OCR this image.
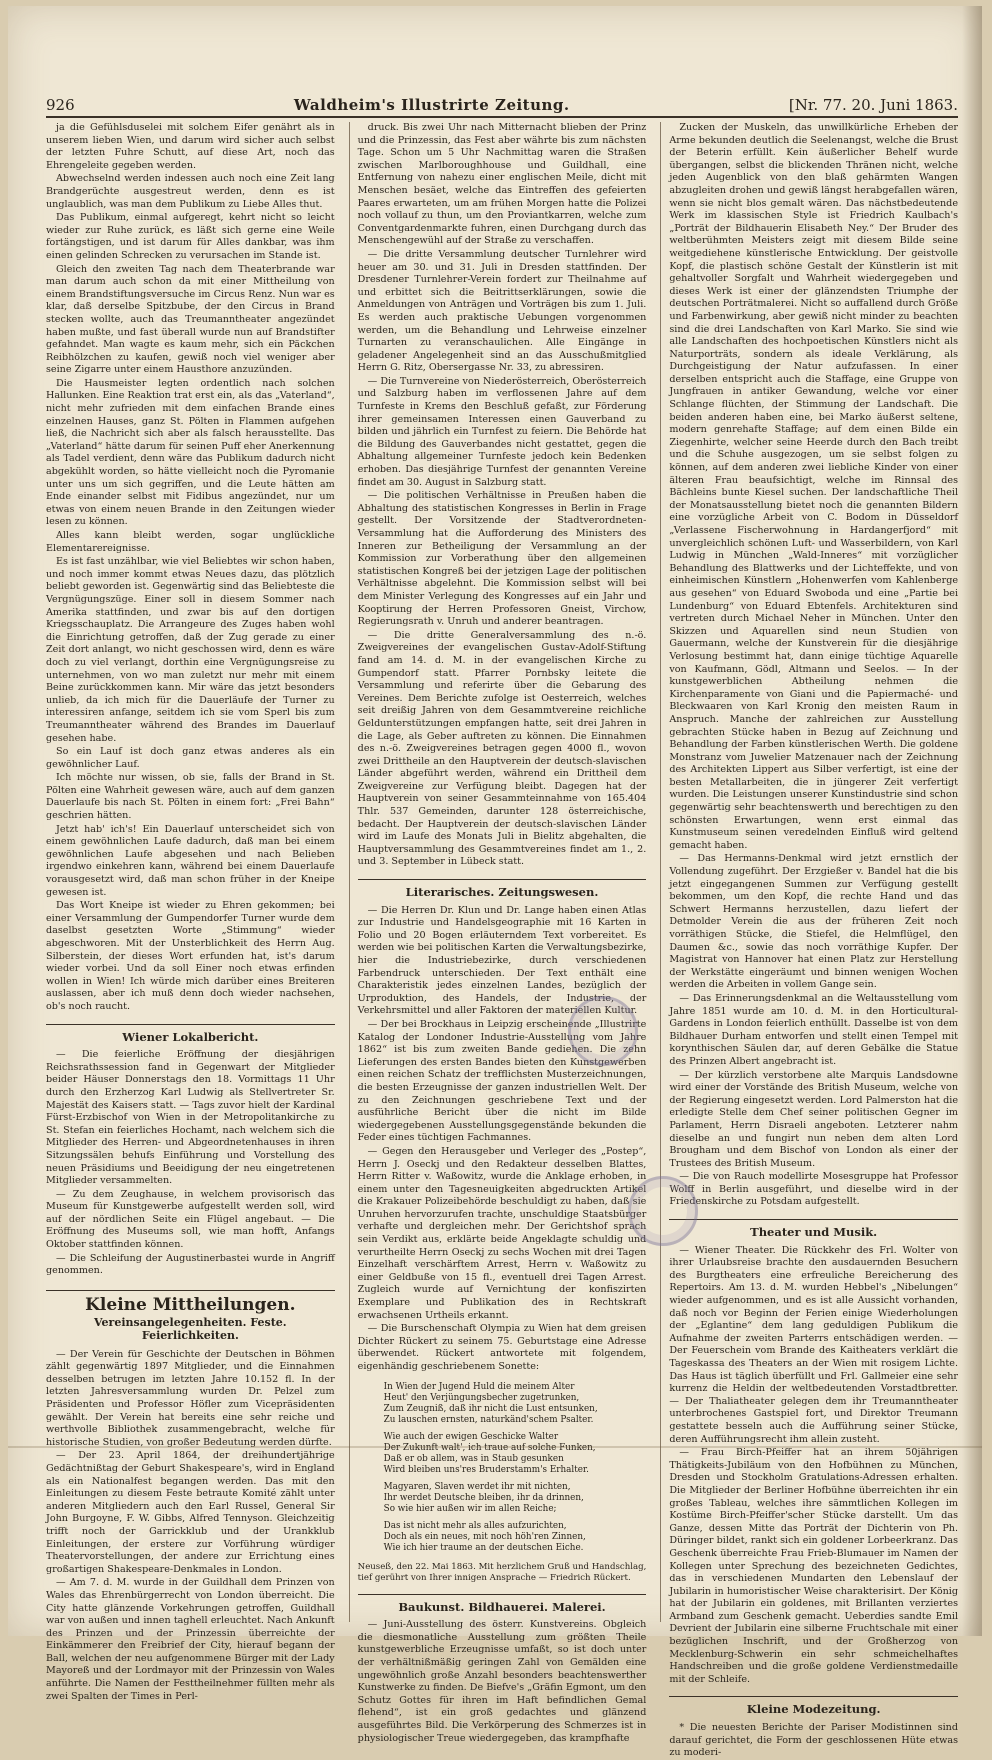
926	Waldheim's Illustrirte Zeitung.	[Nr. 77. 20. Juni 1863.

ja die Gefühlsduselei mit solchem Eifer genährt als in unserem lieben Wien, und darum wird sicher auch selbst der letzten Fuhre Schutt, auf diese Art, noch das Ehrengeleite gegeben werden.

Abwechselnd werden indessen auch noch eine Zeit lang Brandgerüchte ausgestreut werden, denn es ist unglaublich, was man dem Publikum zu Liebe Alles thut.

Das Publikum, einmal aufgeregt, kehrt nicht so leicht wieder zur Ruhe zurück, es läßt sich gerne eine Weile fortängstigen, und ist darum für Alles dankbar, was ihm einen gelinden Schrecken zu verursachen im Stande ist.

Gleich den zweiten Tag nach dem Theaterbrande war man darum auch schon da mit einer Mittheilung von einem Brandstiftungsversuche im Circus Renz. Nun war es klar, daß derselbe Spitzbube, der den Circus in Brand stecken wollte, auch das Treumanntheater angezündet haben mußte, und fast überall wurde nun auf Brandstifter gefahndet. Man wagte es kaum mehr, sich ein Päckchen Reibhölzchen zu kaufen, gewiß noch viel weniger aber seine Zigarre unter einem Hausthore anzuzünden.

Die Hausmeister legten ordentlich nach solchen Hallunken. Eine Reaktion trat erst ein, als das „Vaterland“, nicht mehr zufrieden mit dem einfachen Brande eines einzelnen Hauses, ganz St. Pölten in Flammen aufgehen ließ, die Nachricht sich aber als falsch herausstellte. Das „Vaterland“ hätte darum für seinen Puff eher Anerkennung als Tadel verdient, denn wäre das Publikum dadurch nicht abgekühlt worden, so hätte vielleicht noch die Pyromanie unter uns um sich gegriffen, und die Leute hätten am Ende einander selbst mit Fidibus angezündet, nur um etwas von einem neuen Brande in den Zeitungen wieder lesen zu können.

Alles kann bleibt werden, sogar unglückliche Elementarereignisse.

Es ist fast unzählbar, wie viel Beliebtes wir schon haben, und noch immer kommt etwas Neues dazu, das plötzlich beliebt geworden ist. Gegenwärtig sind das Beliebteste die Vergnügungszüge. Einer soll in diesem Sommer nach Amerika stattfinden, und zwar bis auf den dortigen Kriegsschauplatz. Die Arrangeure des Zuges haben wohl die Einrichtung getroffen, daß der Zug gerade zu einer Zeit dort anlangt, wo nicht geschossen wird, denn es wäre doch zu viel verlangt, dorthin eine Vergnügungsreise zu unternehmen, von wo man zuletzt nur mehr mit einem Beine zurückkommen kann. Mir wäre das jetzt besonders unlieb, da ich mich für die Dauerläufe der Turner zu interessiren anfange, seitdem ich sie vom Sperl bis zum Treumanntheater während des Brandes im Dauerlauf gesehen habe.

So ein Lauf ist doch ganz etwas anderes als ein gewöhnlicher Lauf.

Ich möchte nur wissen, ob sie, falls der Brand in St. Pölten eine Wahrheit gewesen wäre, auch auf dem ganzen Dauerlaufe bis nach St. Pölten in einem fort: „Frei Bahn“ geschrien hätten.

Jetzt hab' ich's! Ein Dauerlauf unterscheidet sich von einem gewöhnlichen Laufe dadurch, daß man bei einem gewöhnlichen Laufe abgesehen und nach Belieben irgendwo einkehren kann, während bei einem Dauerlaufe vorausgesetzt wird, daß man schon früher in der Kneipe gewesen ist.

Das Wort Kneipe ist wieder zu Ehren gekommen; bei einer Versammlung der Gumpendorfer Turner wurde dem daselbst gesetzten Worte „Stimmung“ wieder abgeschworen. Mit der Unsterblichkeit des Herrn Aug. Silberstein, der dieses Wort erfunden hat, ist's darum wieder vorbei. Und da soll Einer noch etwas erfinden wollen in Wien! Ich würde mich darüber eines Breiteren auslassen, aber ich muß denn doch wieder nachsehen, ob's noch raucht.

Wiener Lokalbericht.

— Die feierliche Eröffnung der diesjährigen Reichsrathssession fand in Gegenwart der Mitglieder beider Häuser Donnerstags den 18. Vormittags 11 Uhr durch den Erzherzog Karl Ludwig als Stellvertreter Sr. Majestät des Kaisers statt. — Tags zuvor hielt der Kardinal Fürst-Erzbischof von Wien in der Metropolitankirche zu St. Stefan ein feierliches Hochamt, nach welchem sich die Mitglieder des Herren- und Abgeordnetenhauses in ihren Sitzungssälen behufs Einführung und Vorstellung des neuen Präsidiums und Beeidigung der neu eingetretenen Mitglieder versammelten.

— Zu dem Zeughause, in welchem provisorisch das Museum für Kunstgewerbe aufgestellt werden soll, wird auf der nördlichen Seite ein Flügel angebaut. — Die Eröffnung des Museums soll, wie man hofft, Anfangs Oktober stattfinden können.

— Die Schleifung der Augustinerbastei wurde in Angriff genommen.

Kleine Mittheilungen.
Vereinsangelegenheiten. Feste. Feierlichkeiten.

— Der Verein für Geschichte der Deutschen in Böhmen zählt gegenwärtig 1897 Mitglieder, und die Einnahmen desselben betrugen im letzten Jahre 10.152 fl. In der letzten Jahresversammlung wurden Dr. Pelzel zum Präsidenten und Professor Höfler zum Vicepräsidenten gewählt. Der Verein hat bereits eine sehr reiche und werthvolle Bibliothek zusammengebracht, welche für historische Studien, von großer Bedeutung werden dürfte.

— Der 23. April 1864, der dreihundertjährige Gedächtnißtag der Geburt Shakespeare's, wird in England als ein Nationalfest begangen werden. Das mit den Einleitungen zu diesem Feste betraute Komité zählt unter anderen Mitgliedern auch den Earl Russel, General Sir John Burgoyne, F. W. Gibbs, Alfred Tennyson. Gleichzeitig trifft noch der Garrickklub und der Urankklub Einleitungen, der erstere zur Vorführung würdiger Theatervorstellungen, der andere zur Errichtung eines großartigen Shakespeare-Denkmales in London.

— Am 7. d. M. wurde in der Guildhall dem Prinzen von Wales das Ehrenbürgerrecht von London überreicht. Die City hatte glänzende Vorkehrungen getroffen, Guildhall war von außen und innen taghell erleuchtet. Nach Ankunft des Prinzen und der Prinzessin überreichte der Einkämmerer den Freibrief der City, hierauf begann der Ball, welchen der neu aufgenommene Bürger mit der Lady Mayoreß und der Lordmayor mit der Prinzessin von Wales anführte. Die Namen der Festtheilnehmer füllten mehr als zwei Spalten der Times in Perl-

druck. Bis zwei Uhr nach Mitternacht blieben der Prinz und die Prinzessin, das Fest aber währte bis zum nächsten Tage. Schon um 5 Uhr Nachmittag waren die Straßen zwischen Marlboroughhouse und Guildhall, eine Entfernung von nahezu einer englischen Meile, dicht mit Menschen besäet, welche das Eintreffen des gefeierten Paares erwarteten, um am frühen Morgen hatte die Polizei noch vollauf zu thun, um den Proviantkarren, welche zum Conventgardenmarkte fuhren, einen Durchgang durch das Menschengewühl auf der Straße zu verschaffen.

— Die dritte Versammlung deutscher Turnlehrer wird heuer am 30. und 31. Juli in Dresden stattfinden. Der Dresdener Turnlehrer-Verein fordert zur Theilnahme auf und erbittet sich die Beitrittserklärungen, sowie die Anmeldungen von Anträgen und Vorträgen bis zum 1. Juli. Es werden auch praktische Uebungen vorgenommen werden, um die Behandlung und Lehrweise einzelner Turnarten zu veranschaulichen. Alle Eingänge in geladener Angelegenheit sind an das Ausschußmitglied Herrn G. Ritz, Obersergasse Nr. 33, zu abressiren.

— Die Turnvereine von Niederösterreich, Oberösterreich und Salzburg haben im verflossenen Jahre auf dem Turnfeste in Krems den Beschluß gefaßt, zur Förderung ihrer gemeinsamen Interessen einen Gauverband zu bilden und jährlich ein Turnfest zu feiern. Die Behörde hat die Bildung des Gauverbandes nicht gestattet, gegen die Abhaltung allgemeiner Turnfeste jedoch kein Bedenken erhoben. Das diesjährige Turnfest der genannten Vereine findet am 30. August in Salzburg statt.

— Die politischen Verhältnisse in Preußen haben die Abhaltung des statistischen Kongresses in Berlin in Frage gestellt. Der Vorsitzende der Stadtverordneten-Versammlung hat die Aufforderung des Ministers des Inneren zur Betheiligung der Versammlung an der Kommission zur Vorberathung über den allgemeinen statistischen Kongreß bei der jetzigen Lage der politischen Verhältnisse abgelehnt. Die Kommission selbst will bei dem Minister Verlegung des Kongresses auf ein Jahr und Kooptirung der Herren Professoren Gneist, Virchow, Regierungsrath v. Unruh und anderer beantragen.

— Die dritte Generalversammlung des n.-ö. Zweigvereines der evangelischen Gustav-Adolf-Stiftung fand am 14. d. M. in der evangelischen Kirche zu Gumpendorf statt. Pfarrer Pornbsky leitete die Versammlung und referirte über die Gebarung des Vereines. Dem Berichte zufolge ist Oesterreich, welches seit dreißig Jahren von dem Gesammtvereine reichliche Geldunterstützungen empfangen hatte, seit drei Jahren in die Lage, als Geber auftreten zu können. Die Einnahmen des n.-ö. Zweigvereines betragen gegen 4000 fl., wovon zwei Drittheile an den Hauptverein der deutsch-slavischen Länder abgeführt werden, während ein Drittheil dem Zweigvereine zur Verfügung bleibt. Dagegen hat der Hauptverein von seiner Gesammteinnahme von 165.404 Thlr. 537 Gemeinden, darunter 128 österreichische, bedacht. Der Hauptverein der deutsch-slavischen Länder wird im Laufe des Monats Juli in Bielitz abgehalten, die Hauptversammlung des Gesammtvereines findet am 1., 2. und 3. September in Lübeck statt.

Literarisches. Zeitungswesen.

— Die Herren Dr. Klun und Dr. Lange haben einen Atlas zur Industrie und Handelsgeographie mit 16 Karten in Folio und 20 Bogen erläuterndem Text vorbereitet. Es werden wie bei politischen Karten die Verwaltungsbezirke, hier die Industriebezirke, durch verschiedenen Farbendruck unterschieden. Der Text enthält eine Charakteristik jedes einzelnen Landes, bezüglich der Urproduktion, des Handels, der Industrie, der Verkehrsmittel und aller Faktoren der materiellen Kultur.

— Der bei Brockhaus in Leipzig erscheinende „Illustrirte Katalog der Londoner Industrie-Ausstellung vom Jahre 1862“ ist bis zum zweiten Bande gediehen. Die zehn Lieferungen des ersten Bandes bieten den Kunstgewerben einen reichen Schatz der trefflichsten Musterzeichnungen, die besten Erzeugnisse der ganzen industriellen Welt. Der zu den Zeichnungen geschriebene Text und der ausführliche Bericht über die nicht im Bilde wiedergegebenen Ausstellungsgegenstände bekunden die Feder eines tüchtigen Fachmannes.

— Gegen den Herausgeber und Verleger des „Postep“, Herrn J. Oseckj und den Redakteur desselben Blattes, Herrn Ritter v. Waßowitz, wurde die Anklage erhoben, in einem unter den Tagesneuigkeiten abgedruckten Artikel die Krakauer Polizeibehörde beschuldigt zu haben, daß sie Unruhen hervorzurufen trachte, unschuldige Staatsbürger verhafte und dergleichen mehr. Der Gerichtshof sprach sein Verdikt aus, erklärte beide Angeklagte schuldig und verurtheilte Herrn Oseckj zu sechs Wochen mit drei Tagen Einzelhaft verschärftem Arrest, Herrn v. Waßowitz zu einer Geldbuße von 15 fl., eventuell drei Tagen Arrest. Zugleich wurde auf Vernichtung der konfiszirten Exemplare und Publikation des in Rechtskraft erwachsenen Urtheils erkannt.

— Die Burschenschaft Olympia zu Wien hat dem greisen Dichter Rückert zu seinem 75. Geburtstage eine Adresse überwendet. Rückert antwortete mit folgendem, eigenhändig geschriebenem Sonette:

In Wien der Jugend Huld die meinem Alter
Heut' den Verjüngungsbecher zugetrunken,
Zum Zeugniß, daß ihr nicht die Lust entsunken,
Zu lauschen ernsten, naturkänd'schem Psalter.
Wie auch der ewigen Geschicke Walter
Der Zukunft walt', ich traue auf solche Funken,
Daß er ob allem, was in Staub gesunken
Wird bleiben uns'res Bruderstamm's Erhalter.
Magyaren, Slaven werdet ihr mit nichten,
Ihr werdet Deutsche bleiben, ihr da drinnen,
So wie hier außen wir im allen Reiche;
Das ist nicht mehr als alles aufzurichten,
Doch als ein neues, mit noch höh'ren Zinnen,
Wie ich hier traume an der deutschen Eiche.
Neuseß, den 22. Mai 1863. Mit herzlichem Gruß und Handschlag, tief gerührt von Ihrer innigen Ansprache — Friedrich Rückert.
Baukunst. Bildhauerei. Malerei.

— Juni-Ausstellung des österr. Kunstvereins. Obgleich die diesmonatliche Ausstellung zum größten Theile kunstgewerbliche Erzeugnisse umfaßt, so ist doch unter der verhältnißmäßig geringen Zahl von Gemälden eine ungewöhnlich große Anzahl besonders beachtenswerther Kunstwerke zu finden. De Biefve's „Gräfin Egmont, um den Schutz Gottes für ihren im Haft befindlichen Gemal flehend“, ist ein groß gedachtes und glänzend ausgeführtes Bild. Die Verkörperung des Schmerzes ist in physiologischer Treue wiedergegeben, das krampfhafte

Zucken der Muskeln, das unwillkürliche Erheben der Arme bekunden deutlich die Seelenangst, welche die Brust der Beterin erfüllt. Kein äußerlicher Behelf wurde übergangen, selbst die blickenden Thränen nicht, welche jeden Augenblick von den blaß gehärmten Wangen abzugleiten drohen und gewiß längst herabgefallen wären, wenn sie nicht blos gemalt wären. Das nächstbedeutende Werk im klassischen Style ist Friedrich Kaulbach's „Porträt der Bildhauerin Elisabeth Ney.“ Der Bruder des weltberühmten Meisters zeigt mit diesem Bilde seine weitgediehene künstlerische Entwicklung. Der geistvolle Kopf, die plastisch schöne Gestalt der Künstlerin ist mit gehaltvoller Sorgfalt und Wahrheit wiedergegeben und dieses Werk ist einer der glänzendsten Triumphe der deutschen Porträtmalerei. Nicht so auffallend durch Größe und Farbenwirkung, aber gewiß nicht minder zu beachten sind die drei Landschaften von Karl Marko. Sie sind wie alle Landschaften des hochpoetischen Künstlers nicht als Naturporträts, sondern als ideale Verklärung, als Durchgeistigung der Natur aufzufassen. In einer derselben entspricht auch die Staffage, eine Gruppe von Jungfrauen in antiker Gewandung, welche vor einer Schlange flüchten, der Stimmung der Landschaft. Die beiden anderen haben eine, bei Marko äußerst seltene, modern genrehafte Staffage; auf dem einen Bilde ein Ziegenhirte, welcher seine Heerde durch den Bach treibt und die Schuhe ausgezogen, um sie selbst folgen zu können, auf dem anderen zwei liebliche Kinder von einer älteren Frau beaufsichtigt, welche im Rinnsal des Bächleins bunte Kiesel suchen. Der landschaftliche Theil der Monatsausstellung bietet noch die genannten Bildern eine vorzügliche Arbeit von C. Bodom in Düsseldorf „Verlassene Fischerwohnung in Hardangerfjord“ mit unvergleichlich schönen Luft- und Wasserbildern, von Karl Ludwig in München „Wald-Inneres“ mit vorzüglicher Behandlung des Blattwerks und der Lichteffekte, und von einheimischen Künstlern „Hohenwerfen vom Kahlenberge aus gesehen“ von Eduard Swoboda und eine „Partie bei Lundenburg“ von Eduard Ebtenfels. Architekturen sind vertreten durch Michael Neher in München. Unter den Skizzen und Aquarellen sind neun Studien von Gauermann, welche der Kunstverein für die diesjährige Verlosung bestimmt hat, dann einige tüchtige Aquarelle von Kaufmann, Gödl, Altmann und Seelos. — In der kunstgewerblichen Abtheilung nehmen die Kirchenparamente von Giani und die Papiermaché- und Bleckwaaren von Karl Kronig den meisten Raum in Anspruch. Manche der zahlreichen zur Ausstellung gebrachten Stücke haben in Bezug auf Zeichnung und Behandlung der Farben künstlerischen Werth. Die goldene Monstranz vom Juwelier Matzenauer nach der Zeichnung des Architekten Lippert aus Silber verfertigt, ist eine der besten Metallarbeiten, die in jüngerer Zeit verfertigt wurden. Die Leistungen unserer Kunstindustrie sind schon gegenwärtig sehr beachtenswerth und berechtigen zu den schönsten Erwartungen, wenn erst einmal das Kunstmuseum seinen veredelnden Einfluß wird geltend gemacht haben.

— Das Hermanns-Denkmal wird jetzt ernstlich der Vollendung zugeführt. Der Erzgießer v. Bandel hat die bis jetzt eingegangenen Summen zur Verfügung gestellt bekommen, um den Kopf, die rechte Hand und das Schwert Hermanns herzustellen, dazu liefert der Detmolder Verein die aus der früheren Zeit noch vorräthigen Stücke, die Stiefel, die Helmflügel, den Daumen &c., sowie das noch vorräthige Kupfer. Der Magistrat von Hannover hat einen Platz zur Herstellung der Werkstätte eingeräumt und binnen wenigen Wochen werden die Arbeiten in vollem Gange sein.

— Das Erinnerungsdenkmal an die Weltausstellung vom Jahre 1851 wurde am 10. d. M. in den Horticultural-Gardens in London feierlich enthüllt. Dasselbe ist von dem Bildhauer Durham entworfen und stellt einen Tempel mit korynthischen Säulen dar, auf deren Gebälke die Statue des Prinzen Albert angebracht ist.

— Der kürzlich verstorbene alte Marquis Landsdowne wird einer der Vorstände des British Museum, welche von der Regierung eingesetzt werden. Lord Palmerston hat die erledigte Stelle dem Chef seiner politischen Gegner im Parlament, Herrn Disraeli angeboten. Letzterer nahm dieselbe an und fungirt nun neben dem alten Lord Brougham und dem Bischof von London als einer der Trustees des British Museum.

— Die von Rauch modellirte Mosesgruppe hat Professor Wolff in Berlin ausgeführt, und dieselbe wird in der Friedenskirche zu Potsdam aufgestellt.

Theater und Musik.

— Wiener Theater. Die Rückkehr des Frl. Wolter von ihrer Urlaubsreise brachte den ausdauernden Besuchern des Burgtheaters eine erfreuliche Bereicherung des Repertoirs. Am 13. d. M. wurden Hebbel's „Nibelungen“ wieder aufgenommen, und es ist alle Aussicht vorhanden, daß noch vor Beginn der Ferien einige Wiederholungen der „Eglantine“ dem lang geduldigen Publikum die Aufnahme der zweiten Parterrs entschädigen werden. — Der Feuerschein vom Brande des Kaitheaters verklärt die Tageskassa des Theaters an der Wien mit rosigem Lichte. Das Haus ist täglich überfüllt und Frl. Gallmeier eine sehr kurrenz die Heldin der weltbedeutenden Vorstadtbretter. — Der Thaliatheater gelegen dem ihr Treumanntheater unterbrochenes Gastspiel fort, und Direktor Treumann gestattete besseln auch die Aufführung seiner Stücke, deren Aufführungsrecht ihm allein zusteht.

— Frau Birch-Pfeiffer hat an ihrem 50jährigen Thätigkeits-Jubiläum von den Hofbühnen zu München, Dresden und Stockholm Gratulations-Adressen erhalten. Die Mitglieder der Berliner Hofbühne überreichten ihr ein großes Tableau, welches ihre sämmtlichen Kollegen im Kostüme Birch-Pfeiffer'scher Stücke darstellt. Um das Ganze, dessen Mitte das Porträt der Dichterin von Ph. Düringer bildet, rankt sich ein goldener Lorbeerkranz. Das Geschenk überreichte Frau Frieb-Blumauer im Namen der Kollegen unter Sprechung des bezeichneten Gedichtes, das in verschiedenen Mundarten den Lebenslauf der Jubilarin in humoristischer Weise charakterisirt. Der König hat der Jubilarin ein goldenes, mit Brillanten verziertes Armband zum Geschenk gemacht. Ueberdies sandte Emil Devrient der Jubilarin eine silberne Fruchtschale mit einer bezüglichen Inschrift, und der Großherzog von Mecklenburg-Schwerin ein sehr schmeichelhaftes Handschreiben und die große goldene Verdienstmedaille mit der Schleife.

Kleine Modezeitung.

* Die neuesten Berichte der Pariser Modistinnen sind darauf gerichtet, die Form der geschlossenen Hüte etwas zu moderi-
